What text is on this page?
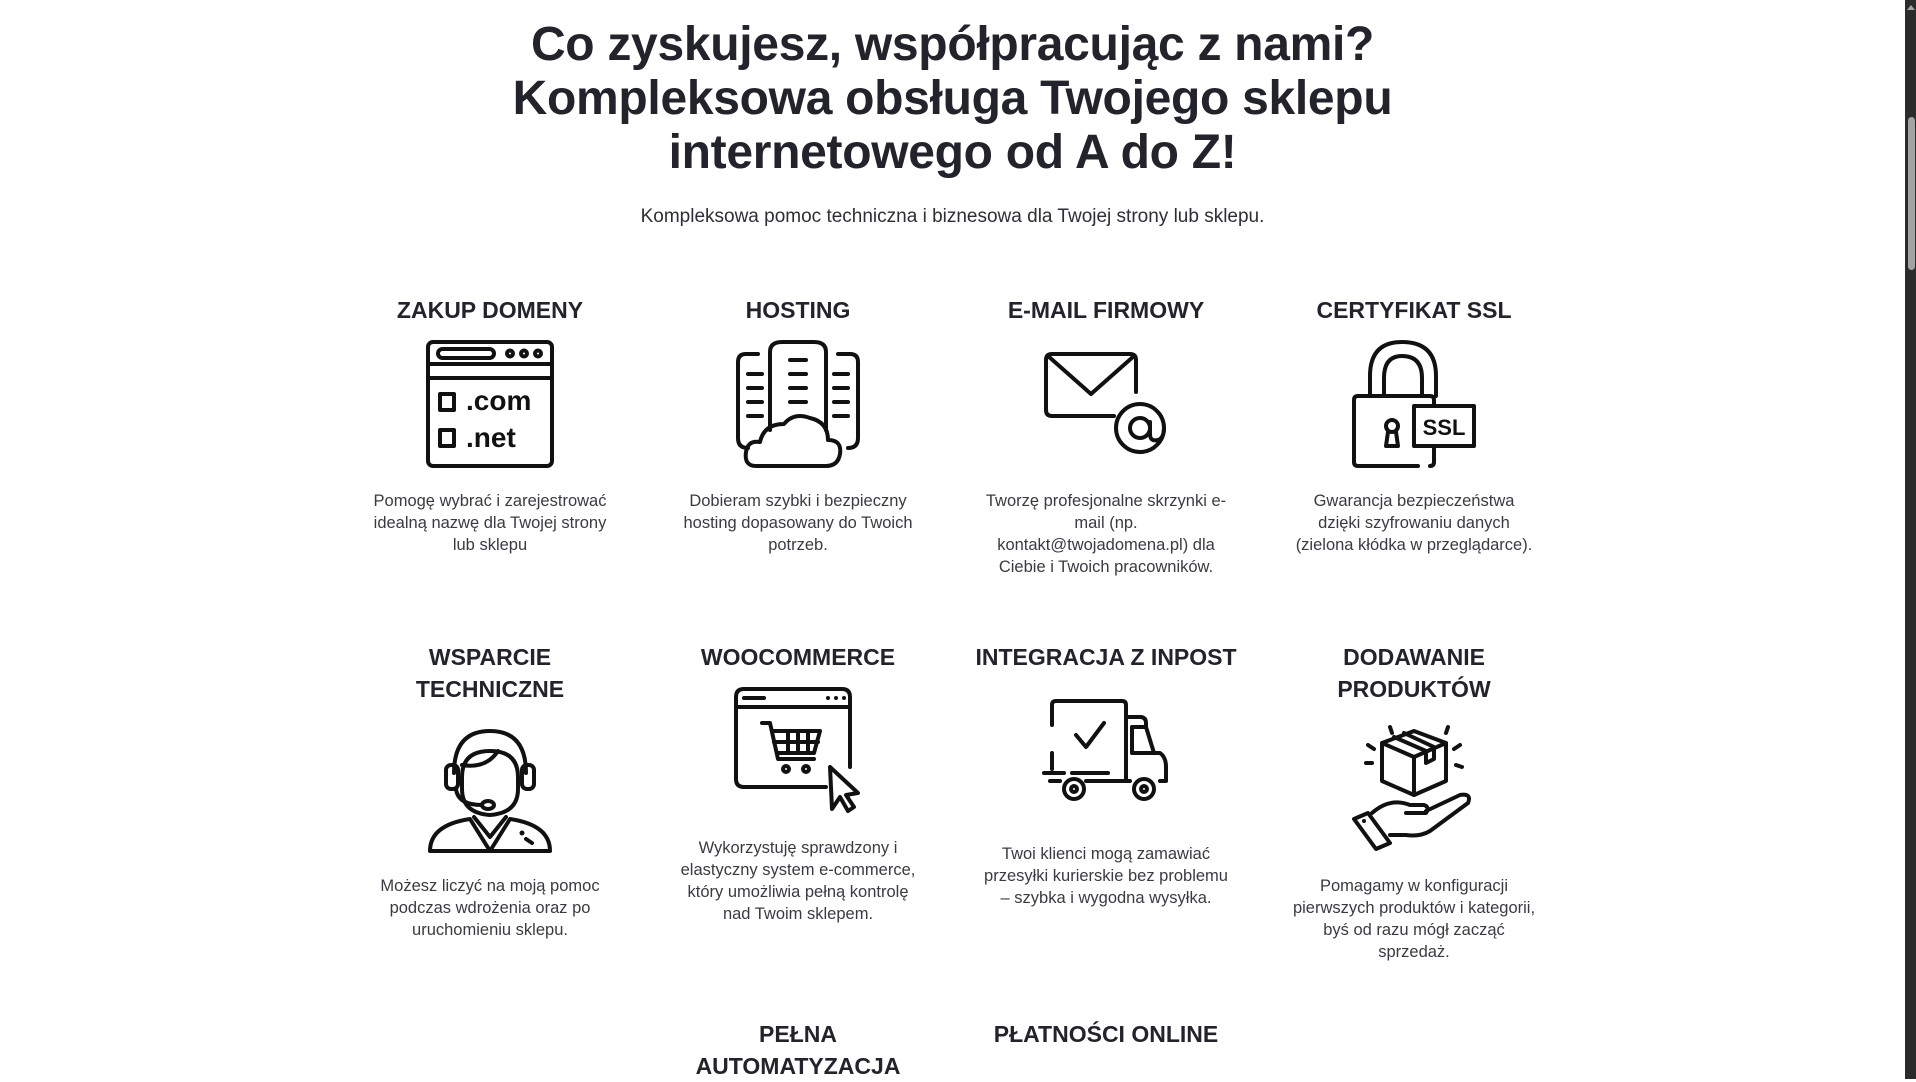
Co zyskujesz, współpracując z nami?
Kompleksowa obsługa Twojego sklepu
internetowego od A do Z!
Kompleksowa pomoc techniczna i biznesowa dla Twojej strony lub sklepu.
ZAKUP DOMENY
.com
.net
Pomogę wybrać i zarejestrować idealną nazwę dla Twojej strony lub sklepu
HOSTING
Dobieram szybki i bezpieczny hosting dopasowany do Twoich potrzeb.
E-MAIL FIRMOWY
Tworzę profesjonalne skrzynki e-mail (np. kontakt@twojadomena.pl) dla Ciebie i Twoich pracowników.
CERTYFIKAT SSL
SSL
Gwarancja bezpieczeństwa dzięki szyfrowaniu danych (zielona kłódka w przeglądarce).
WSPARCIE TECHNICZNE
Możesz liczyć na moją pomoc podczas wdrożenia oraz po uruchomieniu sklepu.
WOOCOMMERCE
Wykorzystuję sprawdzony i elastyczny system e-commerce, który umożliwia pełną kontrolę nad Twoim sklepem.
INTEGRACJA Z INPOST
Twoi klienci mogą zamawiać przesyłki kurierskie bez problemu – szybka i wygodna wysyłka.
DODAWANIE PRODUKTÓW
Pomagamy w konfiguracji pierwszych produktów i kategorii, byś od razu mógł zacząć sprzedaż.
PEŁNA AUTOMATYZACJA
PŁATNOŚCI ONLINE
